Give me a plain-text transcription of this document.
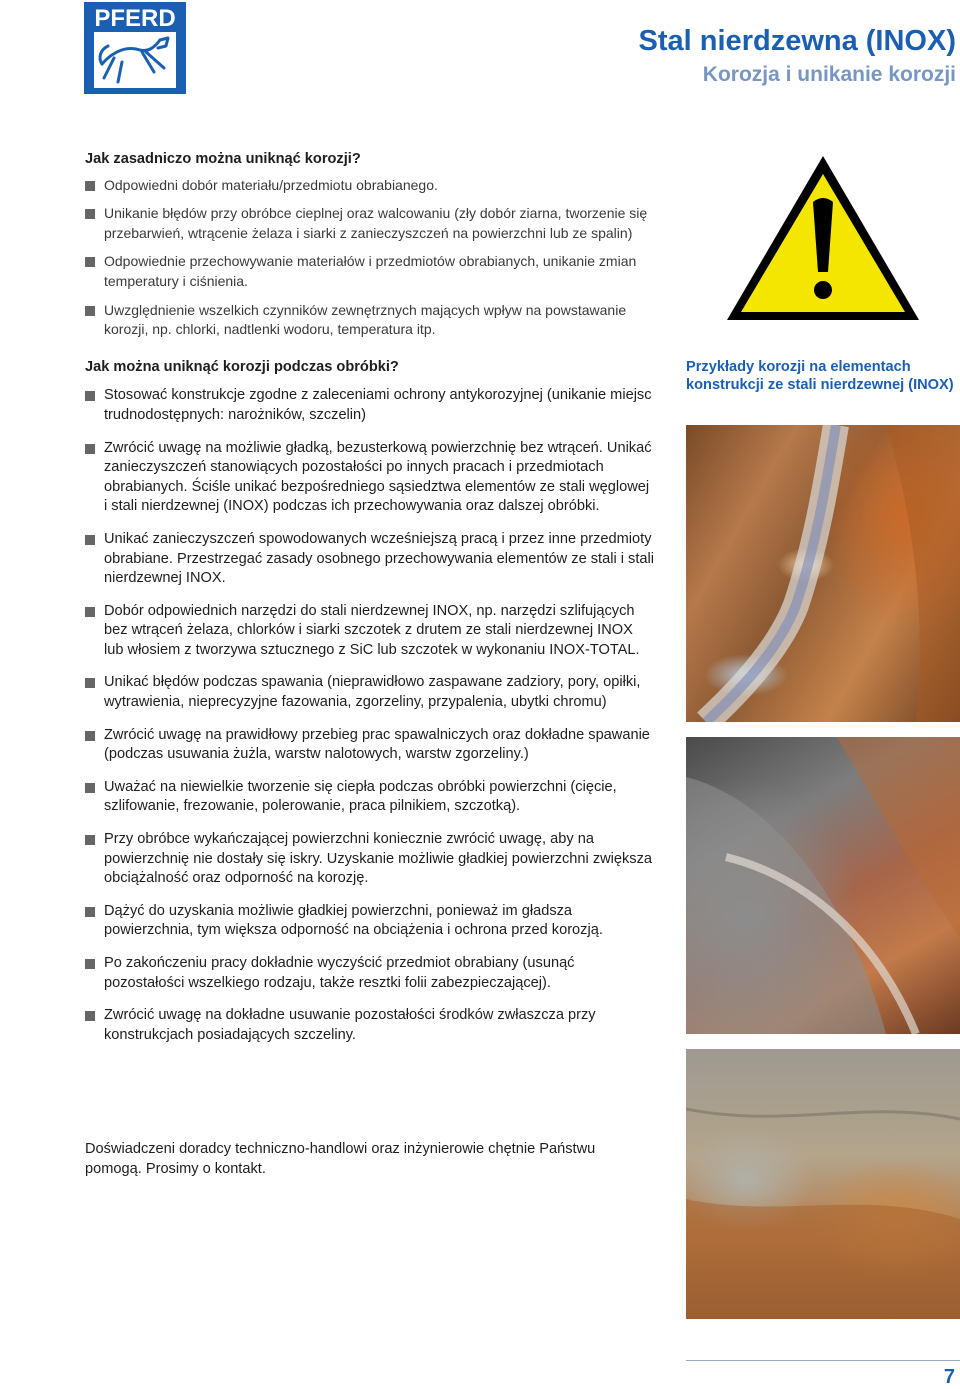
PFERD
Stal nierdzewna (INOX)
Korozja i unikanie korozji
Jak zasadniczo można uniknąć korozji?
Odpowiedni dobór materiału/przedmiotu obrabianego.
Unikanie błędów przy obróbce cieplnej oraz walcowaniu (zły dobór ziarna, tworzenie się przebarwień, wtrącenie żelaza i siarki z zanieczyszczeń na powierzchni lub ze spalin)
Odpowiednie przechowywanie materiałów i przedmiotów obrabianych, unikanie zmian temperatury i ciśnienia.
Uwzględnienie wszelkich czynników zewnętrznych mających wpływ na powstawanie korozji, np. chlorki, nadtlenki wodoru, temperatura itp.
Jak można uniknąć korozji podczas obróbki?
Stosować konstrukcje zgodne z zaleceniami ochrony antykorozyjnej (unikanie miejsc trudnodostępnych: narożników, szczelin)
Zwrócić uwagę na możliwie gładką, bezusterkową powierzchnię bez wtrąceń. Unikać zanieczyszczeń stanowiących pozostałości po innych pracach i przedmiotach obrabianych. Ściśle unikać bezpośredniego sąsiedztwa elementów ze stali węglowej i stali nierdzewnej (INOX) podczas ich przechowywania oraz dalszej obróbki.
Unikać zanieczyszczeń spowodowanych wcześniejszą pracą i przez inne przedmioty obrabiane. Przestrzegać zasady osobnego przechowywania elementów ze stali i stali nierdzewnej INOX.
Dobór odpowiednich narzędzi do stali nierdzewnej INOX, np. narzędzi szlifujących bez wtrąceń żelaza, chlorków i siarki szczotek z drutem ze stali nierdzewnej INOX lub włosiem z tworzywa sztucznego z SiC lub szczotek w wykonaniu INOX-TOTAL.
Unikać błędów podczas spawania (nieprawidłowo zaspawane zadziory, pory, opiłki, wytrawienia, nieprecyzyjne fazowania, zgorzeliny, przypalenia, ubytki chromu)
Zwrócić uwagę na prawidłowy przebieg prac spawalniczych oraz dokładne spawanie (podczas usuwania żużla, warstw nalotowych, warstw zgorzeliny.)
Uważać na niewielkie tworzenie się ciepła podczas obróbki powierzchni (cięcie, szlifowanie, frezowanie, polerowanie, praca pilnikiem, szczotką).
Przy obróbce wykańczającej powierzchni koniecznie zwrócić uwagę, aby na powierzchnię nie dostały się iskry. Uzyskanie możliwie gładkiej powierzchni zwiększa obciążalność oraz odporność na korozję.
Dążyć do uzyskania możliwie gładkiej powierzchni, ponieważ im gładsza powierzchnia, tym większa odporność na obciążenia i ochrona przed korozją.
Po zakończeniu pracy dokładnie wyczyścić przedmiot obrabiany (usunąć pozostałości wszelkiego rodzaju, także resztki folii zabezpieczającej).
Zwrócić uwagę na dokładne usuwanie pozostałości środków zwłaszcza przy konstrukcjach posiadających szczeliny.
Doświadczeni doradcy techniczno-handlowi oraz inżynierowie chętnie Państwu pomogą. Prosimy o kontakt.
Przykłady korozji na elementach konstrukcji ze stali nierdzewnej (INOX)
7
